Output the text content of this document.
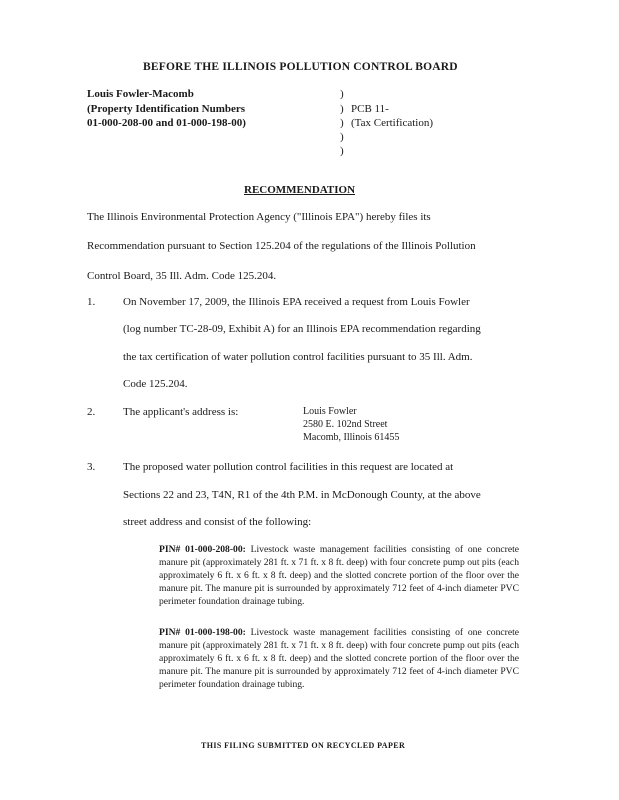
BEFORE THE ILLINOIS POLLUTION CONTROL BOARD
Louis Fowler-Macomb
(Property Identification Numbers
01-000-208-00 and 01-000-198-00)
)
)
)
)
)
PCB 11-
(Tax Certification)
RECOMMENDATION
The Illinois Environmental Protection Agency ("Illinois EPA") hereby files its
Recommendation pursuant to Section 125.204 of the regulations of the Illinois Pollution
Control Board, 35 Ill. Adm. Code 125.204.
1.	On November 17, 2009, the Illinois EPA received a request from Louis Fowler
(log number TC-28-09, Exhibit A) for an Illinois EPA recommendation regarding
the tax certification of water pollution control facilities pursuant to 35 Ill. Adm.
Code 125.204.
2.	The applicant's address is:	Louis Fowler
2580 E. 102nd Street
Macomb, Illinois 61455
3.	The proposed water pollution control facilities in this request are located at
Sections 22 and 23, T4N, R1 of the 4th P.M. in McDonough County, at the above
street address and consist of the following:
PIN# 01-000-208-00: Livestock waste management facilities consisting of one concrete manure pit (approximately 281 ft. x 71 ft. x 8 ft. deep) with four concrete pump out pits (each approximately 6 ft. x 6 ft. x 8 ft. deep) and the slotted concrete portion of the floor over the manure pit. The manure pit is surrounded by approximately 712 feet of 4-inch diameter PVC perimeter foundation drainage tubing.
PIN# 01-000-198-00: Livestock waste management facilities consisting of one concrete manure pit (approximately 281 ft. x 71 ft. x 8 ft. deep) with four concrete pump out pits (each approximately 6 ft. x 6 ft. x 8 ft. deep) and the slotted concrete portion of the floor over the manure pit. The manure pit is surrounded by approximately 712 feet of 4-inch diameter PVC perimeter foundation drainage tubing.
THIS FILING SUBMITTED ON RECYCLED PAPER
